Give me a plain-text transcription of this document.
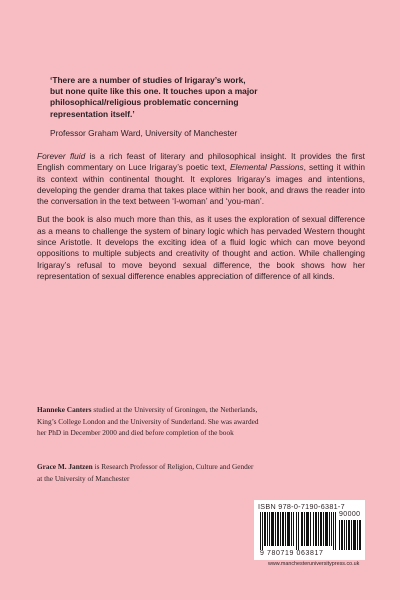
‘There are a number of studies of Irigaray’s work,
but none quite like this one. It touches upon a major
philosophical/religious problematic concerning
representation itself.’

Professor Graham Ward, University of Manchester

Forever fluid is a rich feast of literary and philosophical insight. It provides the first English commentary on Luce Irigaray’s poetic text, Elemental Passions, setting it within its context within continental thought. It explores Irigaray’s images and intentions, developing the gender drama that takes place within her book, and draws the reader into the conversation in the text between ‘I-woman’ and ‘you-man’.

But the book is also much more than this, as it uses the exploration of sexual difference as a means to challenge the system of binary logic which has pervaded Western thought since Aristotle. It develops the exciting idea of a fluid logic which can move beyond oppositions to multiple subjects and creativity of thought and action. While challenging Irigaray’s refusal to move beyond sexual difference, the book shows how her representation of sexual difference enables appreciation of difference of all kinds.

Hanneke Canters studied at the University of Groningen, the Netherlands,
King’s College London and the University of Sunderland. She was awarded
her PhD in December 2000 and died before completion of the book

Grace M. Jantzen is Research Professor of Religion, Culture and Gender
at the University of Manchester

ISBN 978-0-7190-6381-7
90000
9 780719 063817
www.manchesteruniversitypress.co.uk
